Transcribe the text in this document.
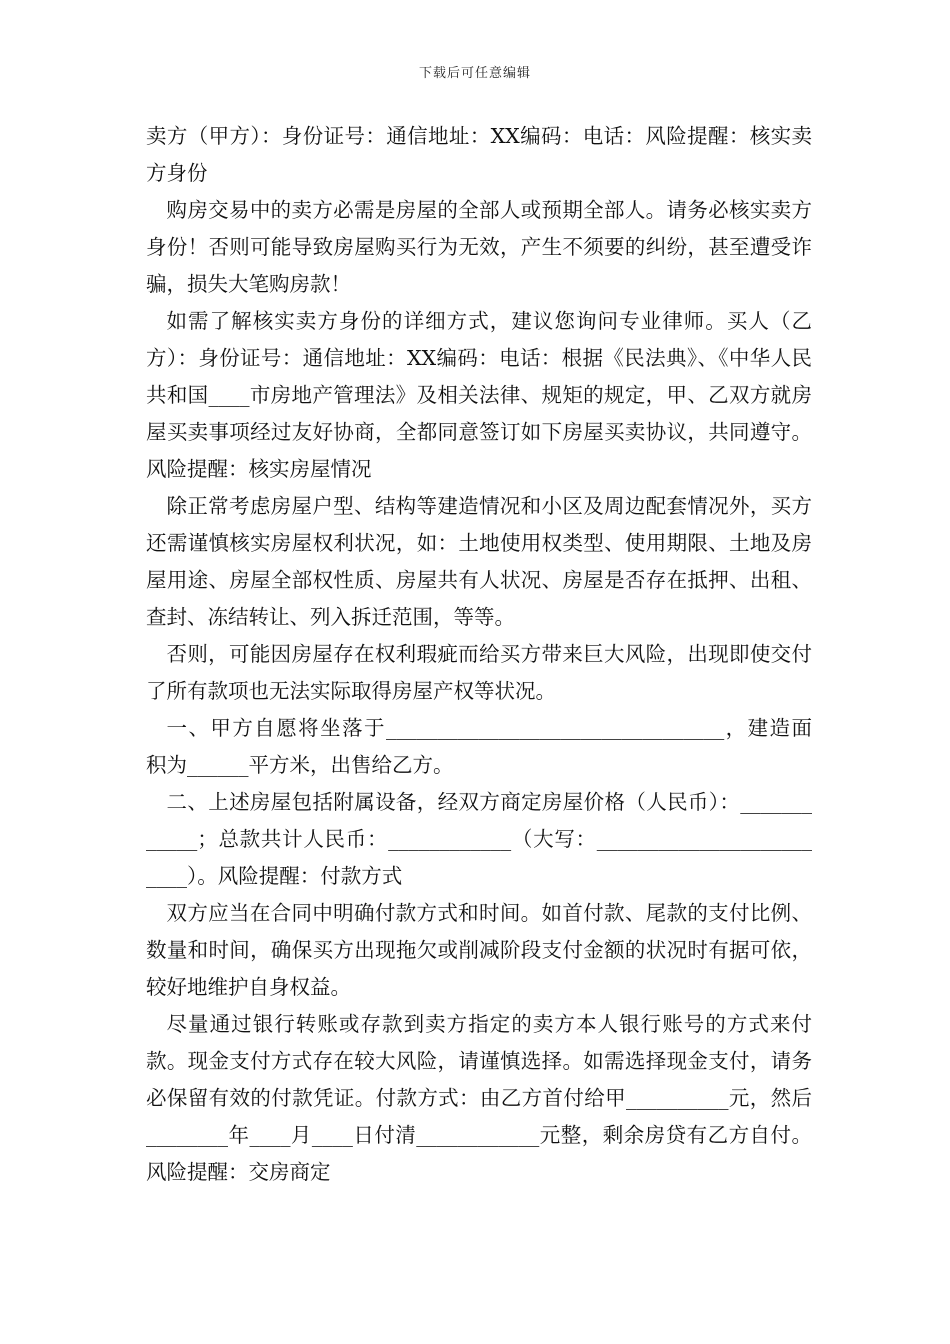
下载后可任意编辑

卖方（甲方）：身份证号：通信地址：XX编码：电话：风险提醒：核实卖方身份

购房交易中的卖方必需是房屋的全部人或预期全部人。请务必核实卖方身份！否则可能导致房屋购买行为无效，产生不须要的纠纷，甚至遭受诈骗，损失大笔购房款！

如需了解核实卖方身份的详细方式，建议您询问专业律师。买人（乙方）：身份证号：通信地址：XX编码：电话：根据《民法典》、《中华人民共和国____市房地产管理法》及相关法律、规矩的规定，甲、乙双方就房屋买卖事项经过友好协商，全都同意签订如下房屋买卖协议，共同遵守。风险提醒：核实房屋情况

除正常考虑房屋户型、结构等建造情况和小区及周边配套情况外，买方还需谨慎核实房屋权利状况，如：土地使用权类型、使用期限、土地及房屋用途、房屋全部权性质、房屋共有人状况、房屋是否存在抵押、出租、查封、冻结转让、列入拆迁范围，等等。

否则，可能因房屋存在权利瑕疵而给买方带来巨大风险，出现即使交付了所有款项也无法实际取得房屋产权等状况。

一、甲方自愿将坐落于_________________________________，建造面积为______平方米，出售给乙方。

二、上述房屋包括附属设备，经双方商定房屋价格（人民币）：____________；总款共计人民币：____________（大写：_________________________）。风险提醒：付款方式

双方应当在合同中明确付款方式和时间。如首付款、尾款的支付比例、数量和时间，确保买方出现拖欠或削减阶段支付金额的状况时有据可依，较好地维护自身权益。

尽量通过银行转账或存款到卖方指定的卖方本人银行账号的方式来付款。现金支付方式存在较大风险，请谨慎选择。如需选择现金支付，请务必保留有效的付款凭证。付款方式：由乙方首付给甲__________元，然后________年____月____日付清____________元整，剩余房贷有乙方自付。风险提醒：交房商定
